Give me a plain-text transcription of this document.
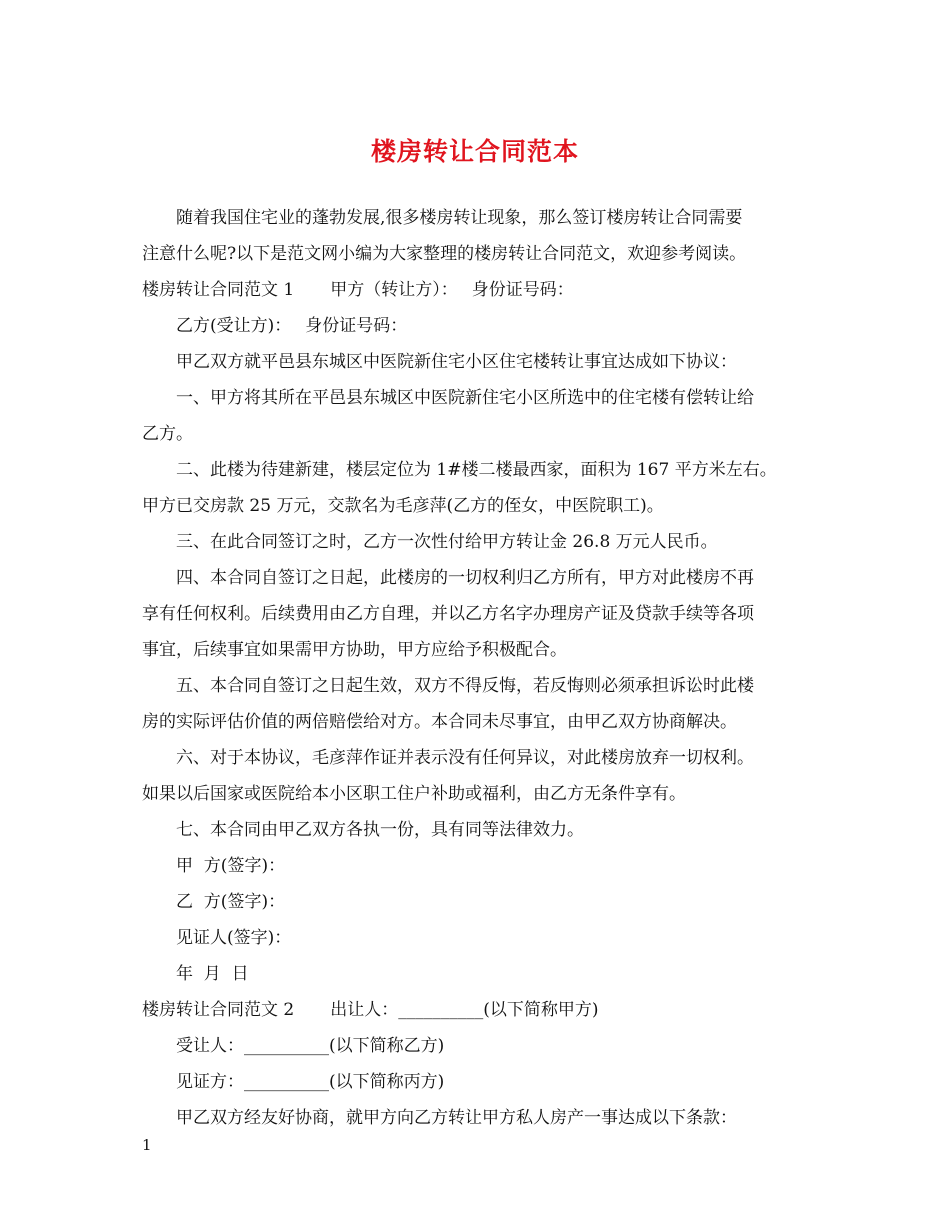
楼房转让合同范本
随着我国住宅业的蓬勃发展,很多楼房转让现象，那么签订楼房转让合同需要
注意什么呢?以下是范文网小编为大家整理的楼房转让合同范文，欢迎参考阅读。
楼房转让合同范文 1 甲方（转让方）： 身份证号码：
乙方(受让方)： 身份证号码：
甲乙双方就平邑县东城区中医院新住宅小区住宅楼转让事宜达成如下协议：
一、甲方将其所在平邑县东城区中医院新住宅小区所选中的住宅楼有偿转让给
乙方。
二、此楼为待建新建，楼层定位为 1#楼二楼最西家，面积为 167 平方米左右。
甲方已交房款 25 万元，交款名为毛彦萍(乙方的侄女，中医院职工)。
三、在此合同签订之时，乙方一次性付给甲方转让金 26.8 万元人民币。
四、本合同自签订之日起，此楼房的一切权利归乙方所有，甲方对此楼房不再
享有任何权利。后续费用由乙方自理，并以乙方名字办理房产证及贷款手续等各项
事宜，后续事宜如果需甲方协助，甲方应给予积极配合。
五、本合同自签订之日起生效，双方不得反悔，若反悔则必须承担诉讼时此楼
房的实际评估价值的两倍赔偿给对方。本合同未尽事宜，由甲乙双方协商解决。
六、对于本协议，毛彦萍作证并表示没有任何异议，对此楼房放弃一切权利。
如果以后国家或医院给本小区职工住户补助或福利，由乙方无条件享有。
七、本合同由甲乙双方各执一份，具有同等法律效力。
甲  方(签字)：
乙  方(签字)：
见证人(签字)：
年  月  日
楼房转让合同范文 2 出让人：__________(以下简称甲方)
受让人：__________(以下简称乙方)
见证方：__________(以下简称丙方)
甲乙双方经友好协商，就甲方向乙方转让甲方私人房产一事达成以下条款：
1
